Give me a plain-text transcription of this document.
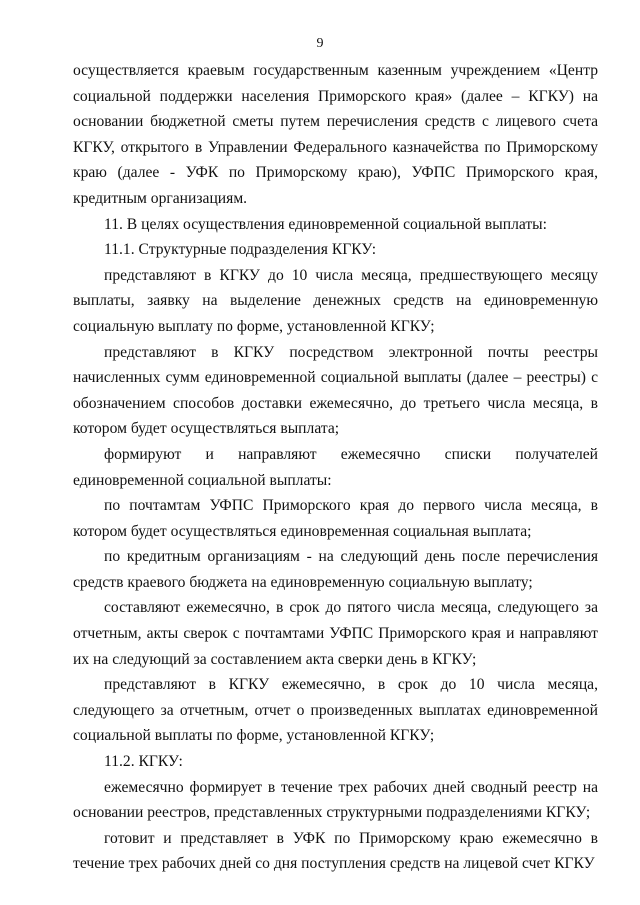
9

осуществляется краевым государственным казенным учреждением «Центр социальной поддержки населения Приморского края» (далее – КГКУ) на основании бюджетной сметы путем перечисления средств с лицевого счета КГКУ, открытого в Управлении Федерального казначейства по Приморскому краю (далее - УФК по Приморскому краю), УФПС Приморского края, кредитным организациям.

11. В целях осуществления единовременной социальной выплаты:

11.1. Структурные подразделения КГКУ:

представляют в КГКУ до 10 числа месяца, предшествующего месяцу выплаты, заявку на выделение денежных средств на единовременную социальную выплату по форме, установленной КГКУ;

представляют в КГКУ посредством электронной почты реестры начисленных сумм единовременной социальной выплаты (далее – реестры) с обозначением способов доставки ежемесячно, до третьего числа месяца, в котором будет осуществляться выплата;

формируют и направляют ежемесячно списки получателей единовременной социальной выплаты:

по почтамтам УФПС Приморского края до первого числа месяца, в котором будет осуществляться единовременная социальная выплата;

по кредитным организациям - на следующий день после перечисления средств краевого бюджета на единовременную социальную выплату;

составляют ежемесячно, в срок до пятого числа месяца, следующего за отчетным, акты сверок с почтамтами УФПС Приморского края и направляют их на следующий за составлением акта сверки день в КГКУ;

представляют в КГКУ ежемесячно, в срок до 10 числа месяца, следующего за отчетным, отчет о произведенных выплатах единовременной социальной выплаты по форме, установленной КГКУ;

11.2. КГКУ:

ежемесячно формирует в течение трех рабочих дней сводный реестр на основании реестров, представленных структурными подразделениями КГКУ;

готовит и представляет в УФК по Приморскому краю ежемесячно в течение трех рабочих дней со дня поступления средств на лицевой счет КГКУ
